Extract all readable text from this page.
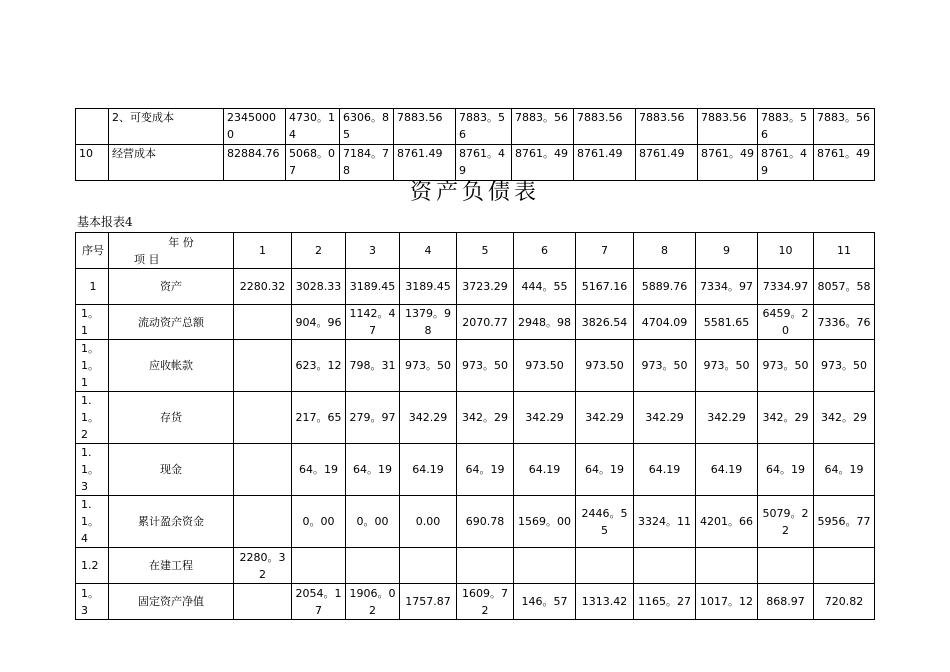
	2、可变成本	23450000	4730。14	6306。85	7883.56	7883。56	7883。56	7883.56	7883.56	7883.56	7883。56	7883。56
10	经营成本	82884.76	5068。07	7184。78	8761.49	8761。49	8761。49	8761.49	8761.49	8761。49	8761。49	8761。49
资产负债表
基本报表4
序号	年 份
项 目	1	2	3	4	5	6	7	8	9	10	11
1	资产	2280.32	3028.33	3189.45	3189.45	3723.29	444。55	5167.16	5889.76	7334。97	7334.97	8057。58
1。1	流动资产总额		904。96	1142。47	1379。98	2070.77	2948。98	3826.54	4704.09	5581.65	6459。20	7336。76
1。1。1	应收帐款		623。12	798。31	973。50	973。50	973.50	973.50	973。50	973。50	973。50	973。50
1.1。2	存货		217。65	279。97	342.29	342。29	342.29	342.29	342.29	342.29	342。29	342。29
1.1。3	现金		64。19	64。19	64.19	64。19	64.19	64。19	64.19	64.19	64。19	64。19
1.1。4	累计盈余资金		0。00	0。00	0.00	690.78	1569。00	2446。55	3324。11	4201。66	5079。22	5956。77
1.2	在建工程	2280。32										
1。3	固定资产净值		2054。17	1906。02	1757.87	1609。72	146。57	1313.42	1165。27	1017。12	868.97	720.82
